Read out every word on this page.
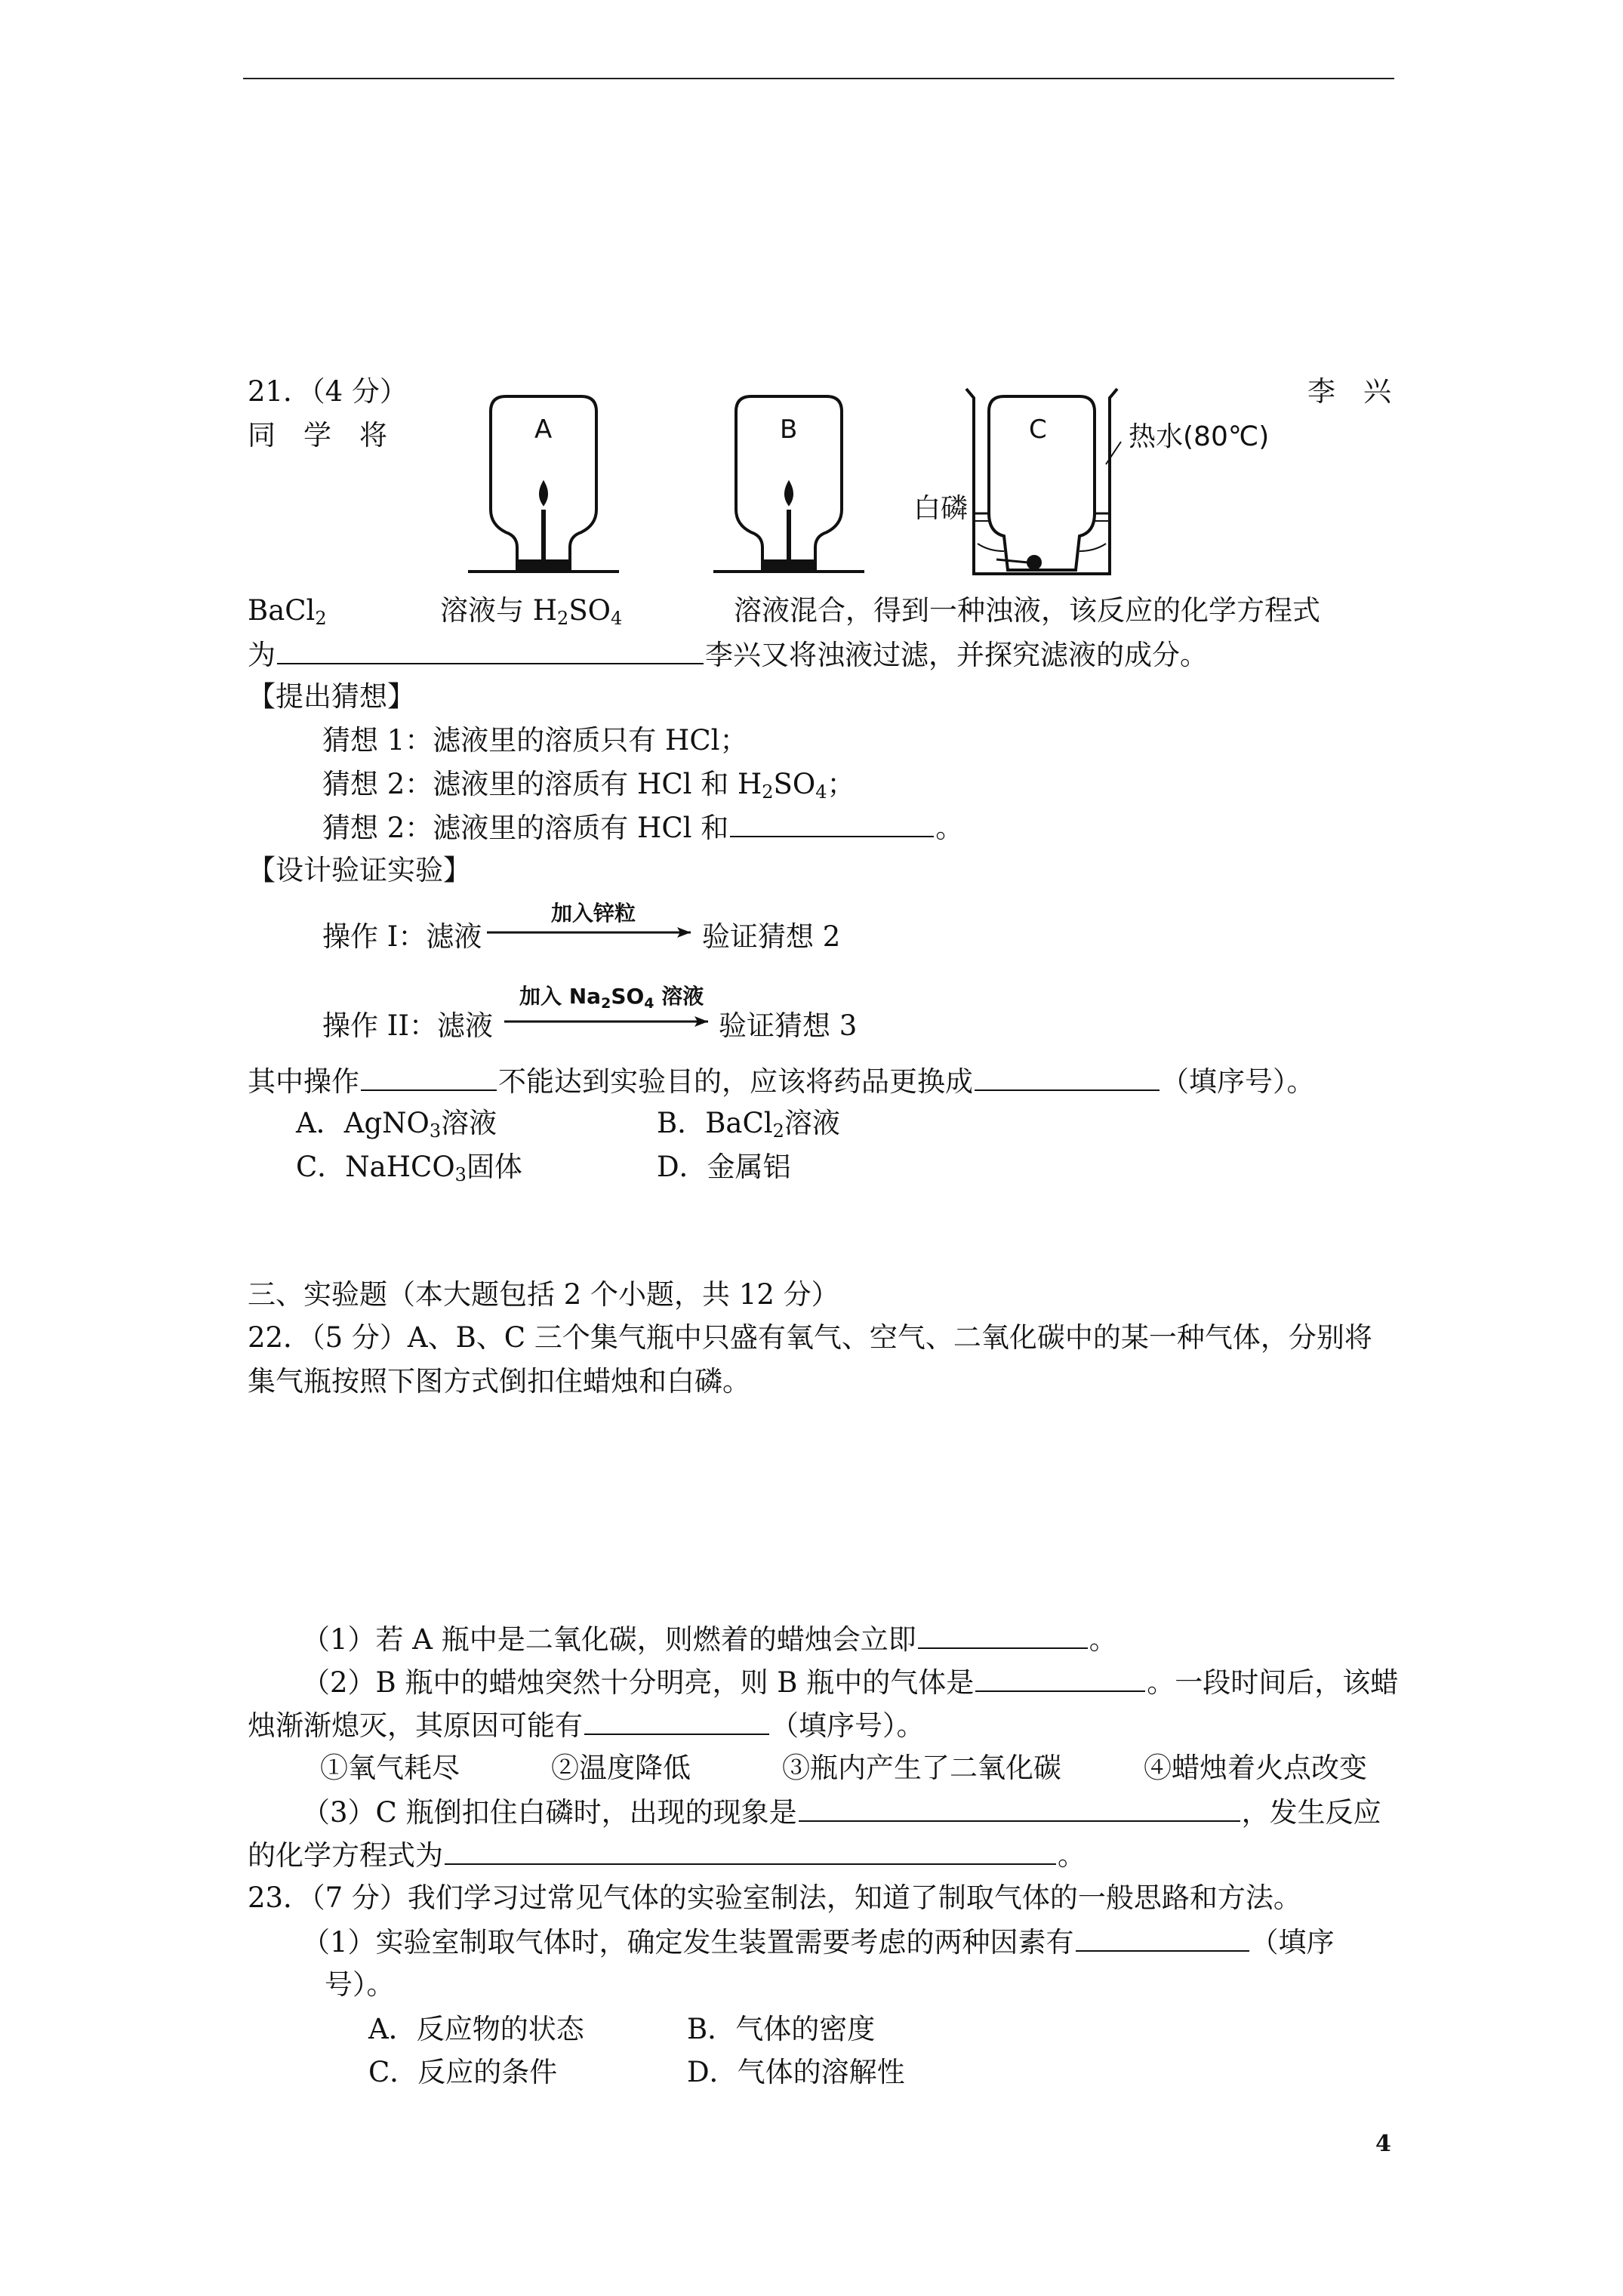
21．（4 分）	李　兴
同　学　将	A	B	C	热水(80℃)
白磷
BaCl$_2$	溶液与 $H_2SO_4$	溶液混合，得到一种浊液，该反应的化学方程式
为	李兴又将浊液过滤，并探究滤液的成分。
【提出猜想】
猜想 1：滤液里的溶质只有 HCl；
猜想 2：滤液里的溶质有 HCl 和 $H_2SO_4$；
猜想 2：滤液里的溶质有 HCl 和	。
【设计验证实验】
操作 I：滤液
加入锌粒
验证猜想 2
操作 II：滤液
加入 $Na_2SO_4$ 溶液
验证猜想 3
其中操作	不能达到实验目的，应该将药品更换成	（填序号）。
A．AgNO$_3$溶液	B．BaCl$_2$溶液
C．NaHCO$_3$固体	D．金属铝
三、实验题（本大题包括 2 个小题，共 12 分）
22．（5 分）A、B、C 三个集气瓶中只盛有氧气、空气、二氧化碳中的某一种气体，分别将
集气瓶按照下图方式倒扣住蜡烛和白磷。
（1）若 A 瓶中是二氧化碳，则燃着的蜡烛会立即	。
（2）B 瓶中的蜡烛突然十分明亮，则 B 瓶中的气体是	。一段时间后，该蜡
烛渐渐熄灭，其原因可能有	（填序号）。
①氧气耗尽	②温度降低	③瓶内产生了二氧化碳	④蜡烛着火点改变
（3）C 瓶倒扣住白磷时，出现的现象是	，发生反应
的化学方程式为	。
23．（7 分）我们学习过常见气体的实验室制法，知道了制取气体的一般思路和方法。
（1）实验室制取气体时，确定发生装置需要考虑的两种因素有	（填序
号）。
A．反应物的状态	B．气体的密度
C．反应的条件	D．气体的溶解性
4
